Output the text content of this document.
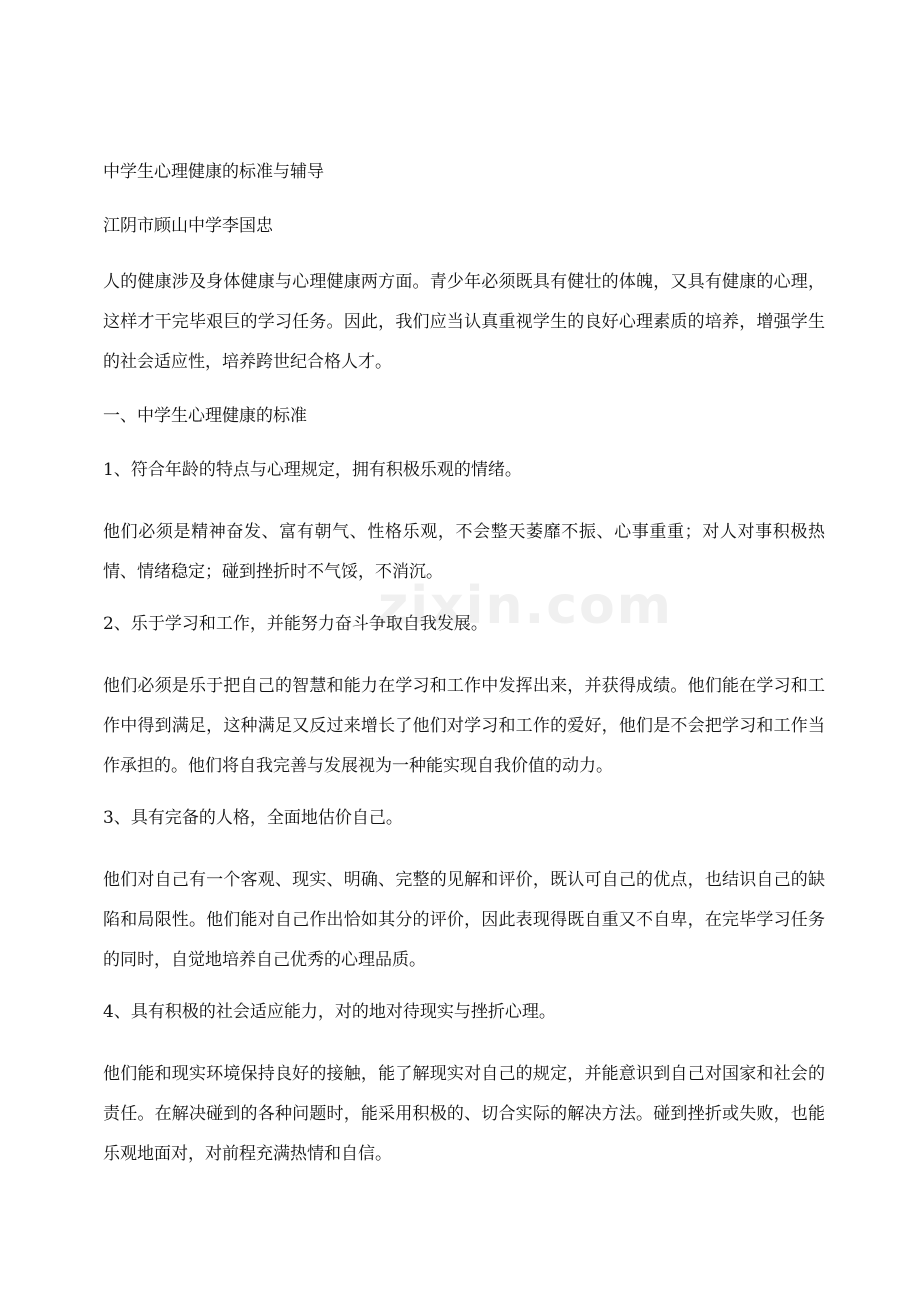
zixin.com

中学生心理健康的标准与辅导

江阴市顾山中学李国忠

人的健康涉及身体健康与心理健康两方面。青少年必须既具有健壮的体魄，又具有健康的心理，这样才干完毕艰巨的学习任务。因此，我们应当认真重视学生的良好心理素质的培养，增强学生的社会适应性，培养跨世纪合格人才。

一、中学生心理健康的标准

1、符合年龄的特点与心理规定，拥有积极乐观的情绪。

他们必须是精神奋发、富有朝气、性格乐观，不会整天萎靡不振、心事重重；对人对事积极热情、情绪稳定；碰到挫折时不气馁，不消沉。

2、乐于学习和工作，并能努力奋斗争取自我发展。

他们必须是乐于把自己的智慧和能力在学习和工作中发挥出来，并获得成绩。他们能在学习和工作中得到满足，这种满足又反过来增长了他们对学习和工作的爱好，他们是不会把学习和工作当作承担的。他们将自我完善与发展视为一种能实现自我价值的动力。

3、具有完备的人格，全面地估价自己。

他们对自己有一个客观、现实、明确、完整的见解和评价，既认可自己的优点，也结识自己的缺陷和局限性。他们能对自己作出恰如其分的评价，因此表现得既自重又不自卑，在完毕学习任务的同时，自觉地培养自己优秀的心理品质。

4、具有积极的社会适应能力，对的地对待现实与挫折心理。

他们能和现实环境保持良好的接触，能了解现实对自己的规定，并能意识到自己对国家和社会的责任。在解决碰到的各种问题时，能采用积极的、切合实际的解决方法。碰到挫折或失败，也能乐观地面对，对前程充满热情和自信。
